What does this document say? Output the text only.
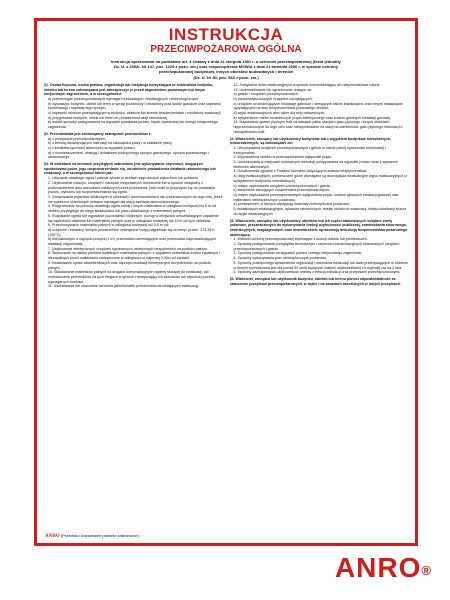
INSTRUKCJA
PRZECIWPOŻAROWA OGÓLNA
Instrukcja opracowana na podstawie art. 4 Ustawy z dnia 21 sierpnia 1991 r. o ochronie przeciwpożarowej (tekst jednolity
Dz. U. z 2002r. Nr 147, poz. 1229 z późn. zm.) oraz rozporządzenia MSWiA z dnia 21 kwietnia 2006 r. w sprawie ochrony
przeciwpożarowej budynków, innych obiektów budowlanych i terenów
(Dz. U. Nr 80, poz. 563 z późn. zm.)
§1. Osoba fizyczna, osoba prawna, organizacja lub instytucja korzystająca ze środowiska budynku, obiektu lub terenu zobowiązana jest zabezpieczyć je przed zagrożeniem pożarowym lub innym miejscowym zagrożeniem, a w szczególności:
a) przestrzegać przeciwpożarowych wymagań budowlanych, instalacyjnych i technologicznych,
b) wyposażyć budynek, obiekt lub teren w sprzęt pożarniczy i ratowniczy oraz środki gaśnicze oraz zapewnić konserwację i naprawę tego sprzętu,
c) zapewnić osobom przebywającym w budynku, obiekcie lub terenie bezpieczeństwo i możliwość ewakuacji,
d) przygotować budynek, obiekt lub teren do prowadzenia akcji ratowniczej,
e) ustalić sposoby postępowania na wypadek powstania pożaru, klęski żywiołowej lub innego miejscowego zagrożenia.
§2. Przeciwdziała jest zobowiązany zaznajomić pracowników z:
a) z przepisami przeciwpożarowymi,
b) z treścią obowiązujących instrukcji na stanowisku pracy i w zakładzie pracy,
c) z środkami łączności alarmowej na wypadek pożaru,
d) z rozmieszczeniem, obsługą i działaniem podręcznego sprzętu gaśniczego, sprzętu pożarniczego i ratowniczego.
§3. W obiektach na terenach przyległych zabronione jest wykonywanie czynności, mogących spowodować pożar, jego rozprzestrzenianie się, utrudnienie prowadzenia działania ratowniczego lub ewakuacji, a w szczególności takich jak:
1. Używanie otwartego ognia i palenie tytoniu w strefach zagrożonych wybuchem lub pożarem.
2. Użytkowanie maszyn, urządzeń i narzędzi niesprawnych technicznie lub w sposób niezgodny z przeznaczeniem albo warunkami ustalonymi przez producenta, jeśli może to przyczynić się do powstania pożaru, wybuchu lub rozprzestrzeniania się ognia.
3. Garażowanie pojazdów silnikowych w obiektach i pomieszczeniach nie przeznaczonych do tego celu, jeżeli nie spełniono określonych prawem wymagań dla stacji zasilania akumulatorowego.
4. Rozgrzewanie za pomocą otwartego ognia smoły i innych materiałów w odległości mniejszej niż 5 m od obiektu przyległego do niego składowiska lub placu składowego z materiałami palnymi.
5. Rozpalanie ognisk lub wypalanie pozostałości roślinnych, pożogi w miejscach umożliwiających zapalenie się sąsiednich obiektów lub materiałów palnych oraz w odległości mniejszej niż 10 m od tych obiektów.
6. Przechowywanie materiałów palnych w odległości mniejszej niż 0,5 m od:
a) urządzeń i instalacji, których powierzchnie zewnętrzne mogą nagrzewać się do temp. przekr. 373,15 K (100°C),
b) linii kablowych o napięciu powyżej 1 kV, przewodów uziemiających oraz przewodów odprowadzających instalacji odgromowej,
7. Użytkowanie elektrycznych urządzeń ogrzewczych ustawionych bezpośrednio na podłożu palnym.
8. Stosowanie na osłony punktów świetlnych materiałów palnych, z wyjątkiem materiałów trudno zapalnych i niezapalnych przed zasłaniania umieszczone w odległości co najmniej 0,05m od żarówki.
9. Instalowanie opraw oświetleniowych oraz osprzętu instalacji elektrycznych bezpośrednio na podłożu palnym.
10. Składowanie materiałów palnych na drogach komunikacyjnych ogólnej służącej do ewakuacji, lub umieszczania przedmiotów na tych drogach w sposób zmniejszający ich szerokość lub wysokość poniżej wymaganych wartości.
11. Uszkadzanie lub niszczenie schodów jakichkolwiek przedmiotów utrudniających ewakuację.
12. Zamykanie drzwi ewakuacyjnych w sposób uniemożliwiający ich natychmiastowe użycie.
13. Uniemożliwianie lub ograniczanie dostępu do:
a) gaśnic i urządzeń przeciwpożarowych,
b) przeciwwybuchowych urządzeń odciążających,
c) urządzeń uruchamiających instalacje gaśnicze i sterujących takimi instalacjami, oraz innymi instalacjami wpływającymi na stan bezpieczeństwa pożarowego obiektu,
d) wyjść ewakuacyjnych albo okien dla ekip ratowniczych,
e) wyłączników i tablic rozdzielczych prądu elektrycznego oraz kurków głównych instalacji gazowej.
14. Napełnianie gazem płynnym butli na stacjach paliw, stacjach gazu płynnego i innych obiektach nieprzeznaczonych do tego celu oraz niewymieszanie na stacji na odmienność gazu płynnego informacji o nienapełnianiu butli.
§4. Właściciele, zarządcy lub użytkownicy budynków lub z wyjątkiem budynków mieszkalnych, jednorodzinnych, są zobowiązani do:
1. Utrzymywania urządzeń przeciwpożarowych i gaśnic w stanie pełnej sprawności technicznej i funkcjonalnej.
2. Wyposażenia obiektu w przeciwpożarowe wyłączniki prądu.
3. Umieszczania w miejscach widocznych instrukcji postępowania na wypadek pożaru wraz z wykazem telefonów alarmowych.
4. Oznakowania zgodnie z Polskimi Normami dotyczącymi znaków bezpieczeństwa:
a) dróg ewakuacyjnych, pomieszczeń gdzie wymagane są dwa wyjścia ewakuacyjne wyjść ewakuacyjnych (z wyłączeniem budynków mieszkalnych),
b) miejsc usytuowania urządzeń przeciwpożarowych i gaśnic,
c) elementów sterujących urządzeniami przeciwpożarowymi,
d) miejsc usytuowania przeciwpożarowych wyłączników prądu, kurków głównych instalacji gazowej oraz materiałów niebezpiecznych pożarowo,
e) pomieszczeń, w których występują materiały niebezpieczne pożarowo,
f) dodatkowych ewakuacyjnych, rękawów ratowniczych, miejsc zbiórki do ewakuacji, miejsc lokalizacji klucza do wyjść ewakuacyjnych.
§5. Właściciele, zarządcy lub użytkownicy obiektów lub ich części stanowiących odrębne strefy pożarowe, przeznaczonych do wykonywania funkcji użyteczności publicznej, zamieszkania zbiorowego, produkcyjnych, magazynowych oraz inwentarskich, opracowują instrukcję bezpieczeństwa pożarowego zawierającą:
1. Warunki ochrony przeciwpożarowej wynikające z funkcji obiektu lub pomieszczeń.
2. Sposoby postępowania przeglądów technicznym i czynności konserwacyjnych stosowanych urządzeń przeciwpożarowych i gaśnic.
3. Sposoby postępowania na wypadek pożaru i innego miejscowego zagrożenia.
4. Sposoby wykonywania prac niebezpiecznych pożarowo.
5. Sposoby praktycznego sprawdzenia organizacji i warunków ewakuacji lub osób przebywających w obiekcie w którym przewidziana jest dla ponad 50 osób będących stałymi użytkownikami) co najmniej raz na 2 lata.
6. Sposoby zaznajamiania użytkowników obiektu z treścią instrukcji oraz przepisami przeciwpożarowymi.
§6. Właściciel, zarządca lub użytkownik budynku, obiektu lub terenu ponosi odpowiedzialność za naruszenie przepisów przeciwpożarowych, w trybie i na zasadach określonych w innych przepisach.
ANRO (Przedruk i kopiowanie prawnie zabronione)
ANRO®
